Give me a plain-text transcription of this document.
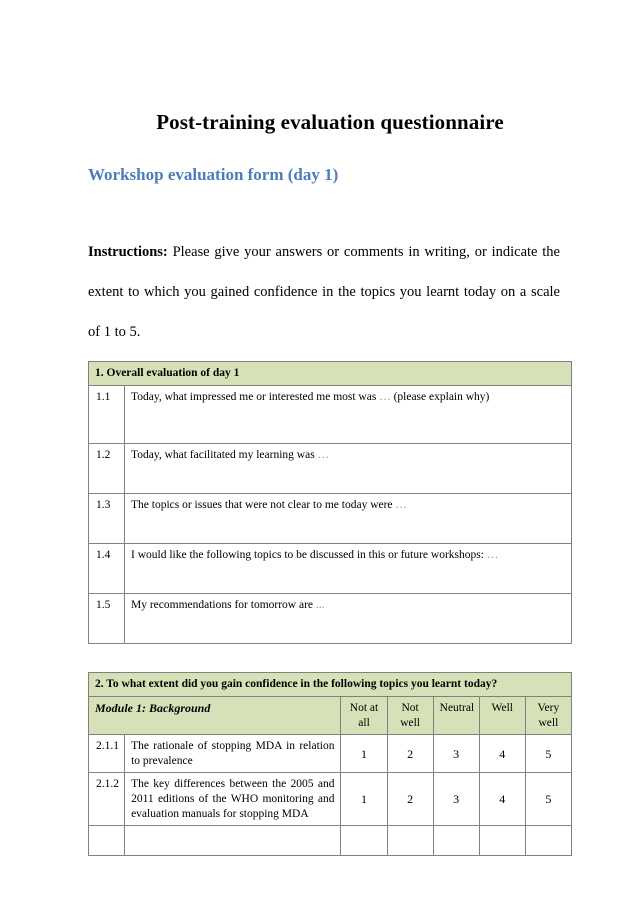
Post-training evaluation questionnaire
Workshop evaluation form (day 1)

Instructions: Please give your answers or comments in writing, or indicate the extent to which you gained confidence in the topics you learnt today on a scale of 1 to 5.

1. Overall evaluation of day 1	
1.1	Today, what impressed me or interested me most was … (please explain why)
1.2	Today, what facilitated my learning was …
1.3	The topics or issues that were not clear to me today were …
1.4	I would like the following topics to be discussed in this or future workshops: …
1.5	My recommendations for tomorrow are ...
2. To what extent did you gain confidence in the following topics you learnt today?						
Module 1: Background		Not at all	Not well	Neutral	Well	Very well
2.1.1	The rationale of stopping MDA in relation to prevalence	1	2	3	4	5
2.1.2	The key differences between the 2005 and 2011 editions of the WHO monitoring and evaluation manuals for stopping MDA	1	2	3	4	5
